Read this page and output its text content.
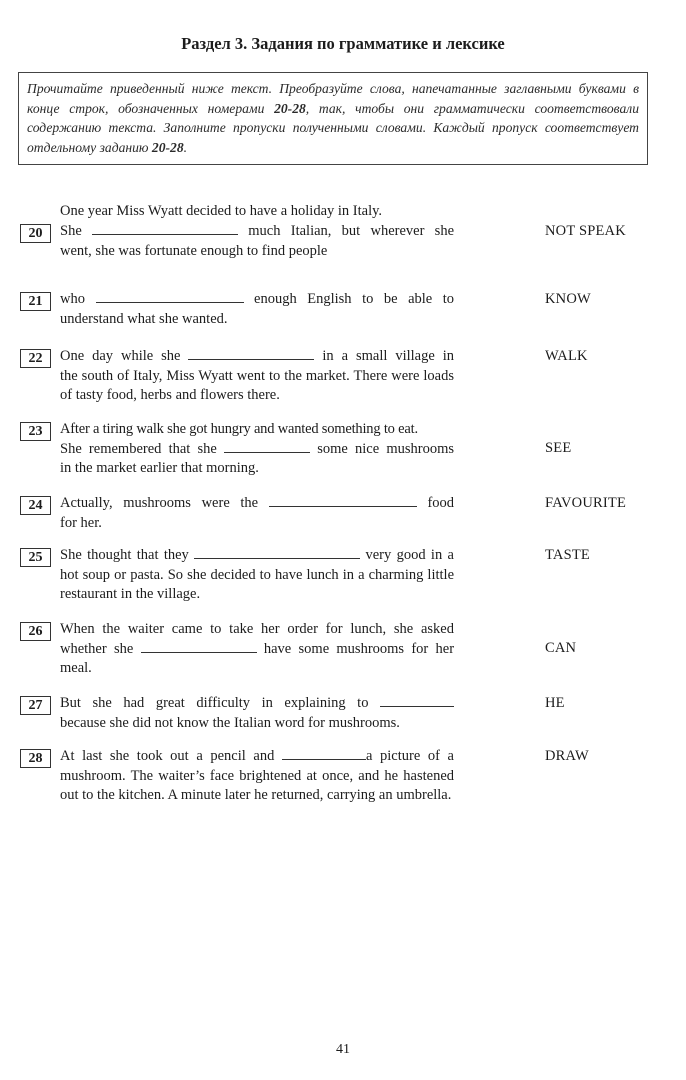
Раздел 3. Задания по грамматике и лексике
Прочитайте приведенный ниже текст. Преобразуйте слова, напечатанные заглавными буквами в конце строк, обозначенных номерами 20-28, так, чтобы они грамматически соответствовали содержанию текста. Заполните пропуски полученными словами. Каждый пропуск соответствует отдельному заданию 20-28.
One year Miss Wyatt decided to have a holiday in Italy.
20	She	much Italian, but wherever she
went, she was fortunate enough to find people
NOT SPEAK
21	who	enough English to be able to
understand what she wanted.
KNOW
22	One day while she	in a small village in
the south of Italy, Miss Wyatt went to the market. There were loads of tasty food, herbs and flowers there.
WALK
23	After a tiring walk she got hungry and wanted something to eat.
She remembered that she	some nice mushrooms
in the market earlier that morning.
SEE
24	Actually, mushrooms were the	food
for her.
FAVOURITE
25	She thought that they	very good in a
hot soup or pasta. So she decided to have lunch in a charming little restaurant in the village.
TASTE
26	When the waiter came to take her order for lunch, she asked
whether she	have some mushrooms for her
meal.
CAN
27	But she had great difficulty in explaining to
because she did not know the Italian word for mushrooms.
HE
28	At last she took out a pencil and	a picture of a
mushroom. The waiter’s face brightened at once, and he hastened out to the kitchen. A minute later he returned, carrying an umbrella.
DRAW
41
